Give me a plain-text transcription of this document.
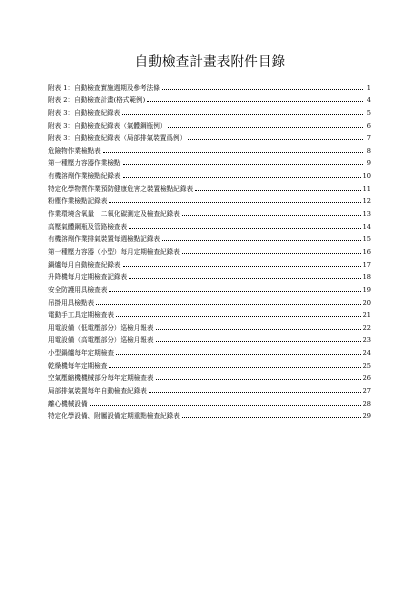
自動檢查計畫表附件目錄
附表 1：自動檢查實施週期及參考法條	1
附表 2：自動檢查計畫(格式範例)	4
附表 3：自動檢查紀錄表	5
附表 3：自動檢查紀錄表（氣體鋼瓶例）	6
附表 3：自動檢查紀錄表（局部排氣裝置爲例）	7
危險物作業檢點表	8
第一種壓力容器作業檢點	9
有機溶劑作業檢點紀錄表	10
特定化學物質作業預防健康危害之裝置檢點紀錄表	11
粉塵作業檢點記錄表	12
作業環境含氧量　二氧化碳測定及檢查紀錄表	13
高壓氣體鋼瓶及管路檢查表	14
有機溶劑作業排氣裝置每週檢點記錄表	15
第一種壓力容器（小型）每月定期檢查紀錄表	16
鍋爐每月自動檢查紀錄表	17
升降機每月定期檢查記錄表	18
安全防護用具檢查表	19
吊掛用具檢點表	20
電動手工具定期檢查表	21
用電設備（低電壓部分）巡檢月報表	22
用電設備（高電壓部分）巡檢月報表	23
小型鍋爐每年定期檢查	24
乾燥機每年定期檢查	25
空氣壓縮機機械部分每年定期檢查表	26
局部排氣裝置每年自動檢查紀錄表	27
離心機械設備	28
特定化學設備、附屬設備定期重點檢查紀錄表	29
